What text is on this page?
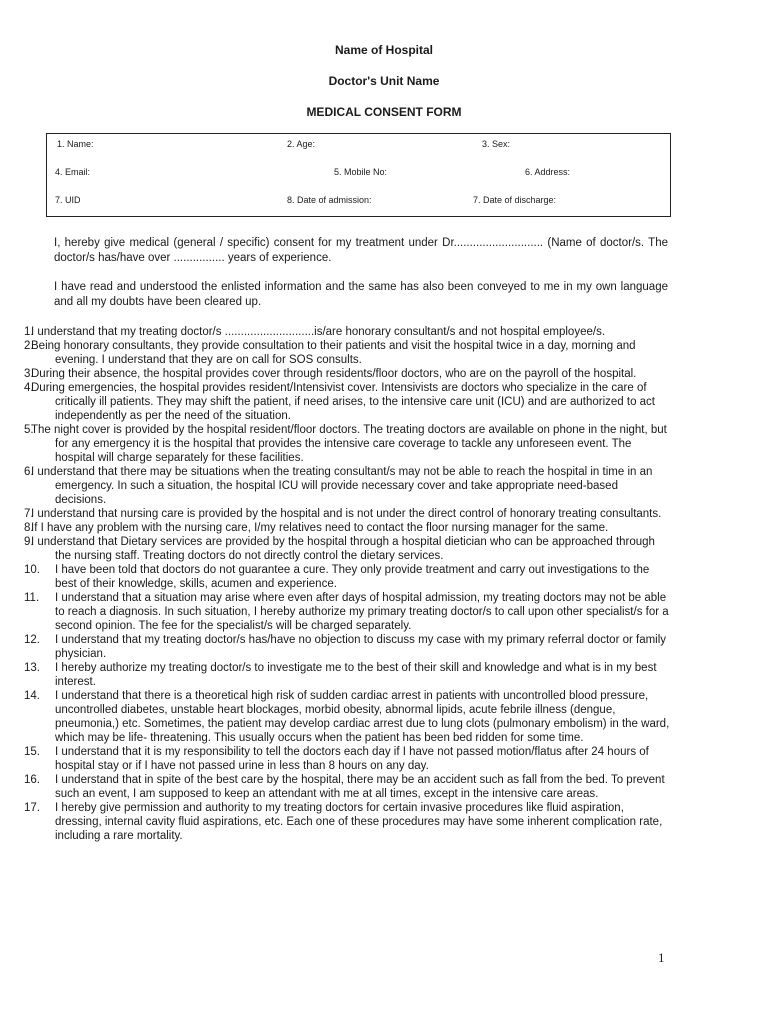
Name of Hospital
Doctor's Unit Name
MEDICAL CONSENT FORM
1. Name:	2. Age:	3. Sex:
4. Email:	5. Mobile No:	6. Address:
7. UID	8. Date of admission:	7. Date of discharge:
I, hereby give medical (general / specific) consent for my treatment under Dr............................ (Name of doctor/s. The doctor/s has/have over ................ years of experience.
I have read and understood the enlisted information and the same has also been conveyed to me in my own language and all my doubts have been cleared up.
1.
I understand that my treating doctor/s ............................is/are honorary consultant/s and not hospital employee/s.
2.
Being honorary consultants, they provide consultation to their patients and visit the hospital twice in a day, morning and evening. I understand that they are on call for SOS consults.
3.
During their absence, the hospital provides cover through residents/floor doctors, who are on the payroll of the hospital.
4.
During emergencies, the hospital provides resident/Intensivist cover. Intensivists are doctors who specialize in the care of critically ill patients. They may shift the patient, if need arises, to the intensive care unit (ICU) and are authorized to act independently as per the need of the situation.
5.
The night cover is provided by the hospital resident/floor doctors. The treating doctors are available on phone in the night, but for any emergency it is the hospital that provides the intensive care coverage to tackle any unforeseen event. The hospital will charge separately for these facilities.
6.
I understand that there may be situations when the treating consultant/s may not be able to reach the hospital in time in an emergency. In such a situation, the hospital ICU will provide necessary cover and take appropriate need-based decisions.
7.
I understand that nursing care is provided by the hospital and is not under the direct control of honorary treating consultants.
8.
If I have any problem with the nursing care, I/my relatives need to contact the floor nursing manager for the same.
9.
I understand that Dietary services are provided by the hospital through a hospital dietician who can be approached through the nursing staff. Treating doctors do not directly control the dietary services.
10. I have been told that doctors do not guarantee a cure. They only provide treatment and carry out investigations to the best of their knowledge, skills, acumen and experience.
11. I understand that a situation may arise where even after days of hospital admission, my treating doctors may not be able to reach a diagnosis. In such situation, I hereby authorize my primary treating doctor/s to call upon other specialist/s for a second opinion. The fee for the specialist/s will be charged separately.
12. I understand that my treating doctor/s has/have no objection to discuss my case with my primary referral doctor or family physician.
13. I hereby authorize my treating doctor/s to investigate me to the best of their skill and knowledge and what is in my best interest.
14. I understand that there is a theoretical high risk of sudden cardiac arrest in patients with uncontrolled blood pressure, uncontrolled diabetes, unstable heart blockages, morbid obesity, abnormal lipids, acute febrile illness (dengue, pneumonia,) etc. Sometimes, the patient may develop cardiac arrest due to lung clots (pulmonary embolism) in the ward, which may be life- threatening. This usually occurs when the patient has been bed ridden for some time.
15. I understand that it is my responsibility to tell the doctors each day if I have not passed motion/flatus after 24 hours of hospital stay or if I have not passed urine in less than 8 hours on any day.
16. I understand that in spite of the best care by the hospital, there may be an accident such as fall from the bed. To prevent such an event, I am supposed to keep an attendant with me at all times, except in the intensive care areas.
17. I hereby give permission and authority to my treating doctors for certain invasive procedures like fluid aspiration, dressing, internal cavity fluid aspirations, etc. Each one of these procedures may have some inherent complication rate, including a rare mortality.
1
